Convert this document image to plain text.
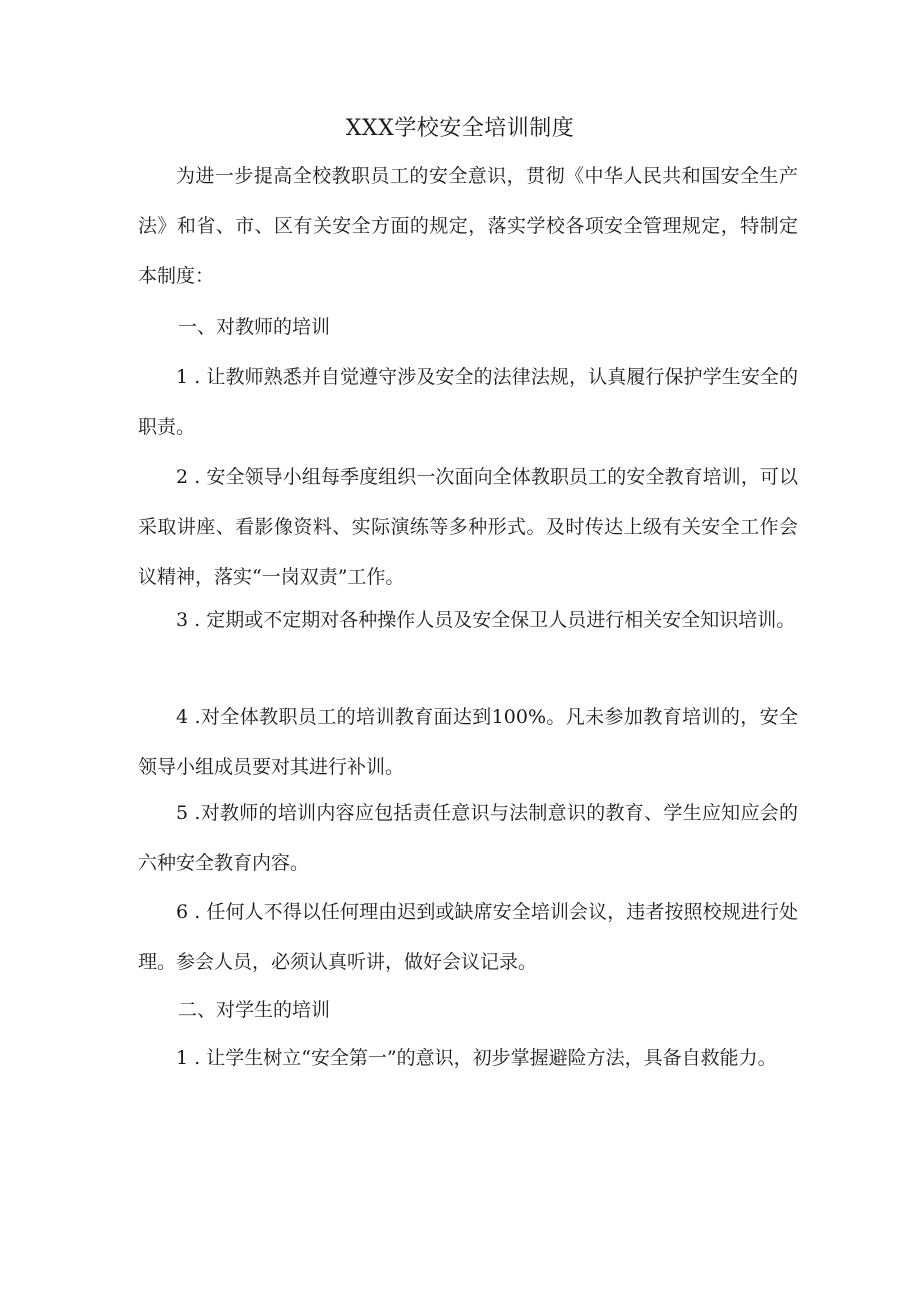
XXX学校安全培训制度

为进一步提高全校教职员工的安全意识，贯彻《中华人民共和国安全生产法》和省、市、区有关安全方面的规定，落实学校各项安全管理规定，特制定本制度：

一、对教师的培训

1 . 让教师熟悉并自觉遵守涉及安全的法律法规，认真履行保护学生安全的职责。

2 . 安全领导小组每季度组织一次面向全体教职员工的安全教育培训，可以采取讲座、看影像资料、实际演练等多种形式。及时传达上级有关安全工作会议精神，落实“一岗双责”工作。

3 . 定期或不定期对各种操作人员及安全保卫人员进行相关安全知识培训。

4 .对全体教职员工的培训教育面达到100%。凡未参加教育培训的，安全领导小组成员要对其进行补训。

5 .对教师的培训内容应包括责任意识与法制意识的教育、学生应知应会的六种安全教育内容。

6 . 任何人不得以任何理由迟到或缺席安全培训会议，违者按照校规进行处理。参会人员，必须认真听讲，做好会议记录。

二、对学生的培训

1 . 让学生树立“安全第一”的意识，初步掌握避险方法，具备自救能力。
